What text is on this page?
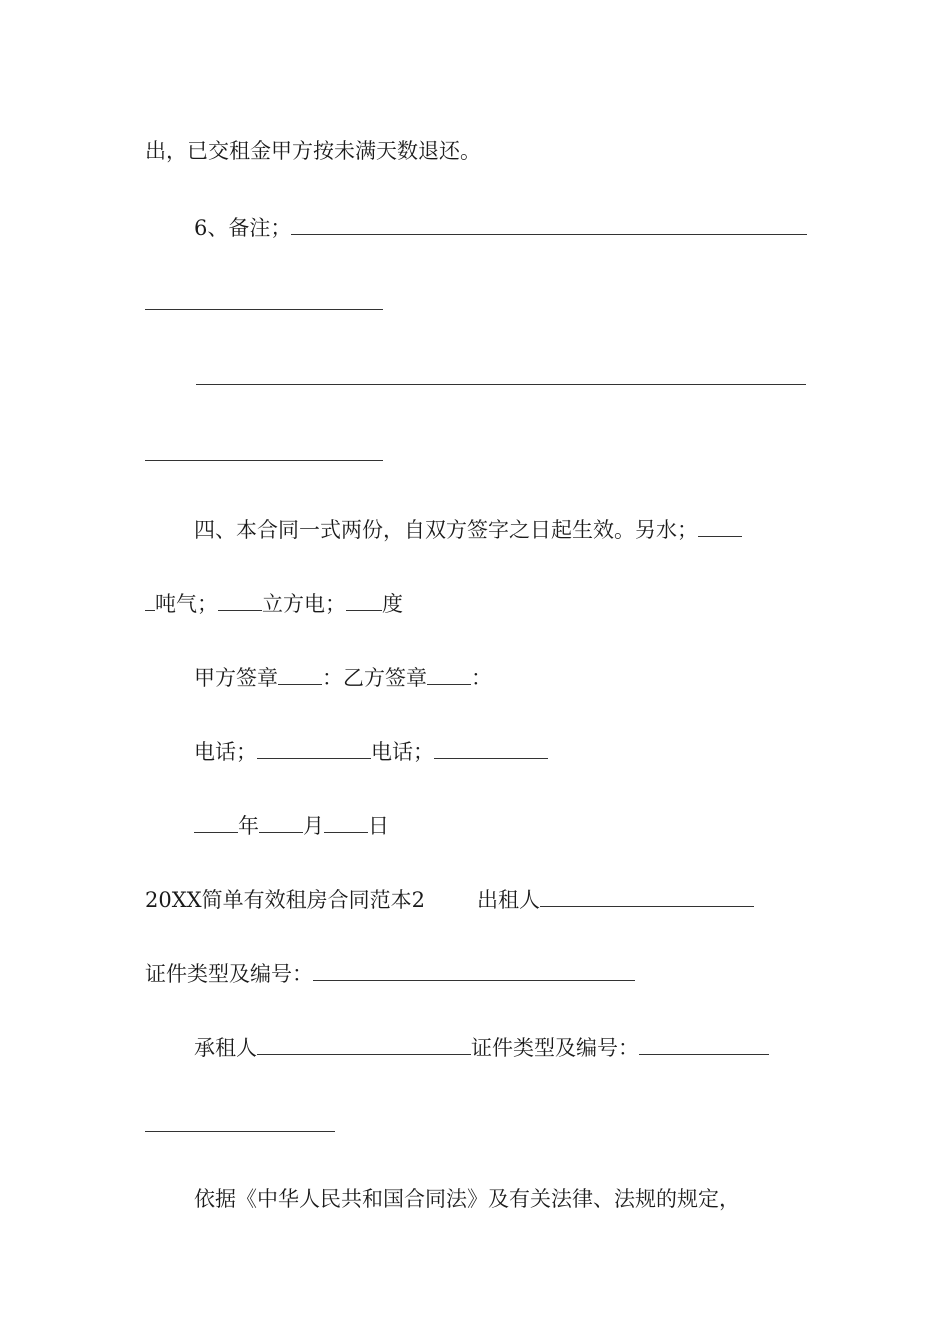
出，已交租金甲方按未满天数退还。
6、备注；
四、本合同一式两份，自双方签字之日起生效。另水；
吨气； 立方电； 度
甲方签章 ：乙方签章 ：
电话；	电话；
年 月 日
20XX简单有效租房合同范本2 出租人
证件类型及编号：
承租人	证件类型及编号：
依据《中华人民共和国合同法》及有关法律、法规的规定，
